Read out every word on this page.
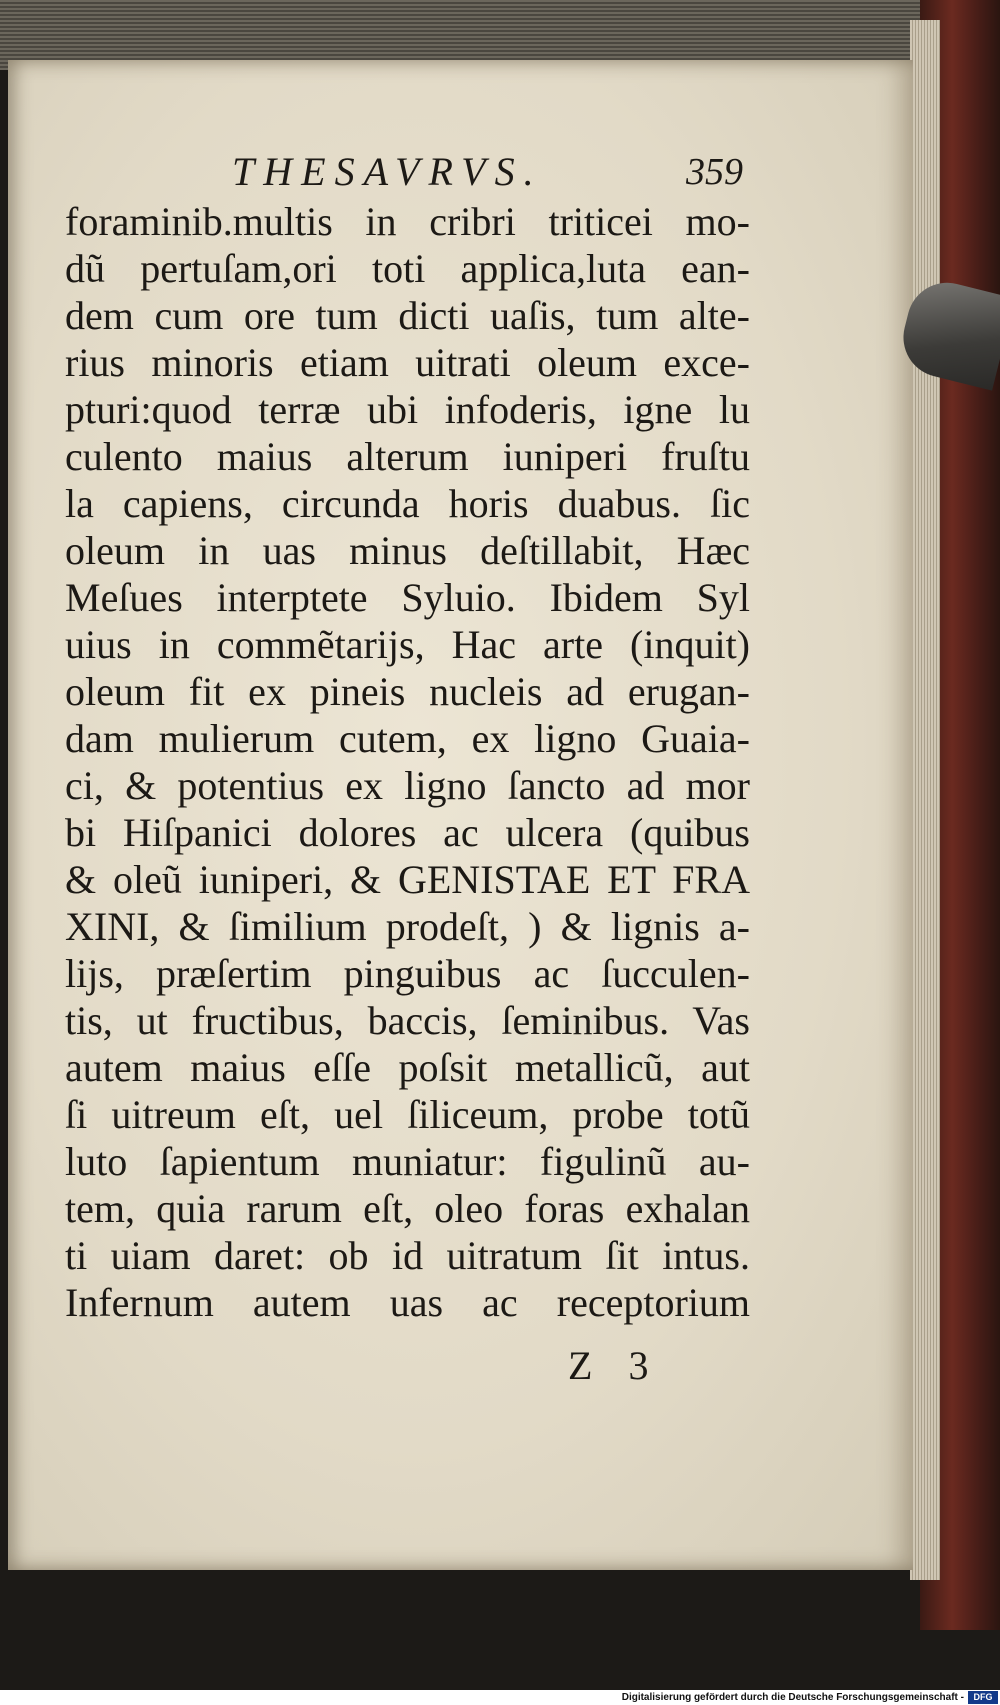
THESAVRVS.	359
foraminib.multis in cribri triticei mo-
dũ pertuſam,ori toti applica,luta ean-
dem cum ore tum dicti uaſis, tum alte-
rius minoris etiam uitrati oleum exce-
pturi:quod terræ ubi infoderis, igne lu
culento maius alterum iuniperi fruſtu
la capiens, circunda horis duabus. ſic
oleum in uas minus deſtillabit, Hæc
Meſues interptete Syluio. Ibidem Syl
uius in commẽtarijs, Hac arte (inquit)
oleum fit ex pineis nucleis ad erugan-
dam mulierum cutem, ex ligno Guaia-
ci, & potentius ex ligno ſancto ad mor
bi Hiſpanici dolores ac ulcera (quibus
& oleũ iuniperi, & GENISTAE ET FRA
XINI, & ſimilium prodeſt, ) & lignis a-
lijs, præſertim pinguibus ac ſucculen-
tis, ut fructibus, baccis, ſeminibus. Vas
autem maius eſſe poſsit metallicũ, aut
ſi uitreum eſt, uel ſiliceum, probe totũ
luto ſapientum muniatur: figulinũ au-
tem, quia rarum eſt, oleo foras exhalan
ti uiam daret: ob id uitratum ſit intus.
Infernum autem uas ac receptorium
Z 3
Digitalisierung gefördert durch die Deutsche Forschungsgemeinschaft -	DFG
